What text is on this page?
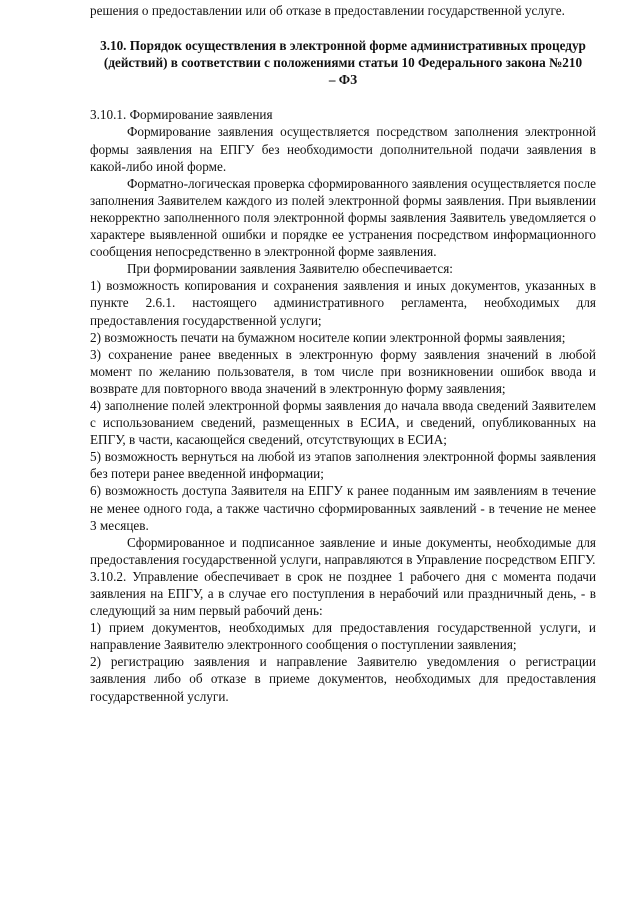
решения о предоставлении или об отказе в предоставлении государственной услуге.

3.10. Порядок осуществления в электронной форме административных процедур (действий) в соответствии с положениями статьи 10 Федерального закона №210 – ФЗ

3.10.1. Формирование заявления

Формирование заявления осуществляется посредством заполнения электронной формы заявления на ЕПГУ без необходимости дополнительной подачи заявления в какой-либо иной форме.

Форматно-логическая проверка сформированного заявления осуществляется после заполнения Заявителем каждого из полей электронной формы заявления. При выявлении некорректно заполненного поля электронной формы заявления Заявитель уведомляется о характере выявленной ошибки и порядке ее устранения посредством информационного сообщения непосредственно в электронной форме заявления.

При формировании заявления Заявителю обеспечивается:

1) возможность копирования и сохранения заявления и иных документов, указанных в пункте 2.6.1. настоящего административного регламента, необходимых для предоставления государственной услуги;

2) возможность печати на бумажном носителе копии электронной формы заявления;

3) сохранение ранее введенных в электронную форму заявления значений в любой момент по желанию пользователя, в том числе при возникновении ошибок ввода и возврате для повторного ввода значений в электронную форму заявления;

4) заполнение полей электронной формы заявления до начала ввода сведений Заявителем с использованием сведений, размещенных в ЕСИА, и сведений, опубликованных на ЕПГУ, в части, касающейся сведений, отсутствующих в ЕСИА;

5) возможность вернуться на любой из этапов заполнения электронной формы заявления без потери ранее введенной информации;

6) возможность доступа Заявителя на ЕПГУ к ранее поданным им заявлениям в течение не менее одного года, а также частично сформированных заявлений - в течение не менее 3 месяцев.

Сформированное и подписанное заявление и иные документы, необходимые для предоставления государственной услуги, направляются в Управление посредством ЕПГУ.

3.10.2. Управление обеспечивает в срок не позднее 1 рабочего дня с момента подачи заявления на ЕПГУ, а в случае его поступления в нерабочий или праздничный день, - в следующий за ним первый рабочий день:

1) прием документов, необходимых для предоставления государственной услуги, и направление Заявителю электронного сообщения о поступлении заявления;

2) регистрацию заявления и направление Заявителю уведомления о регистрации заявления либо об отказе в приеме документов, необходимых для предоставления государственной услуги.
